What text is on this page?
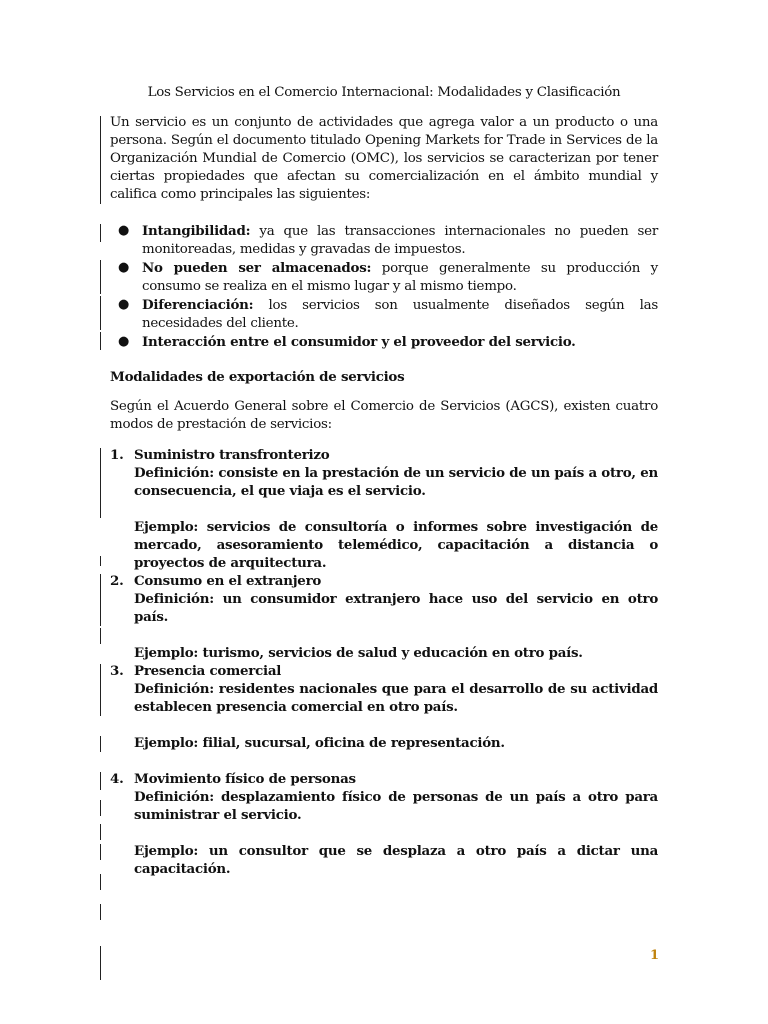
Los Servicios en el Comercio Internacional: Modalidades y Clasificación
Un servicio es un conjunto de actividades que agrega valor a un producto o una persona. Según el documento titulado Opening Markets for Trade in Services de la Organización Mundial de Comercio (OMC), los servicios se caracterizan por tener ciertas propiedades que afectan su comercialización en el ámbito mundial y califica como principales las siguientes:
● Intangibilidad: ya que las transacciones internacionales no pueden ser monitoreadas, medidas y gravadas de impuestos.
● No pueden ser almacenados: porque generalmente su producción y consumo se realiza en el mismo lugar y al mismo tiempo.
● Diferenciación: los servicios son usualmente diseñados según las necesidades del cliente.
● Interacción entre el consumidor y el proveedor del servicio.
Modalidades de exportación de servicios
Según el Acuerdo General sobre el Comercio de Servicios (AGCS), existen cuatro modos de prestación de servicios:
1. Suministro transfronterizo
Definición: consiste en la prestación de un servicio de un país a otro, en consecuencia, el que viaja es el servicio.
Ejemplo: servicios de consultoría o informes sobre investigación de mercado, asesoramiento telemédico, capacitación a distancia o proyectos de arquitectura.
2. Consumo en el extranjero
Definición: un consumidor extranjero hace uso del servicio en otro país.
Ejemplo: turismo, servicios de salud y educación en otro país.
3. Presencia comercial
Definición: residentes nacionales que para el desarrollo de su actividad establecen presencia comercial en otro país.
Ejemplo: filial, sucursal, oficina de representación.
4. Movimiento físico de personas
Definición: desplazamiento físico de personas de un país a otro para suministrar el servicio.
Ejemplo: un consultor que se desplaza a otro país a dictar una capacitación.
1
